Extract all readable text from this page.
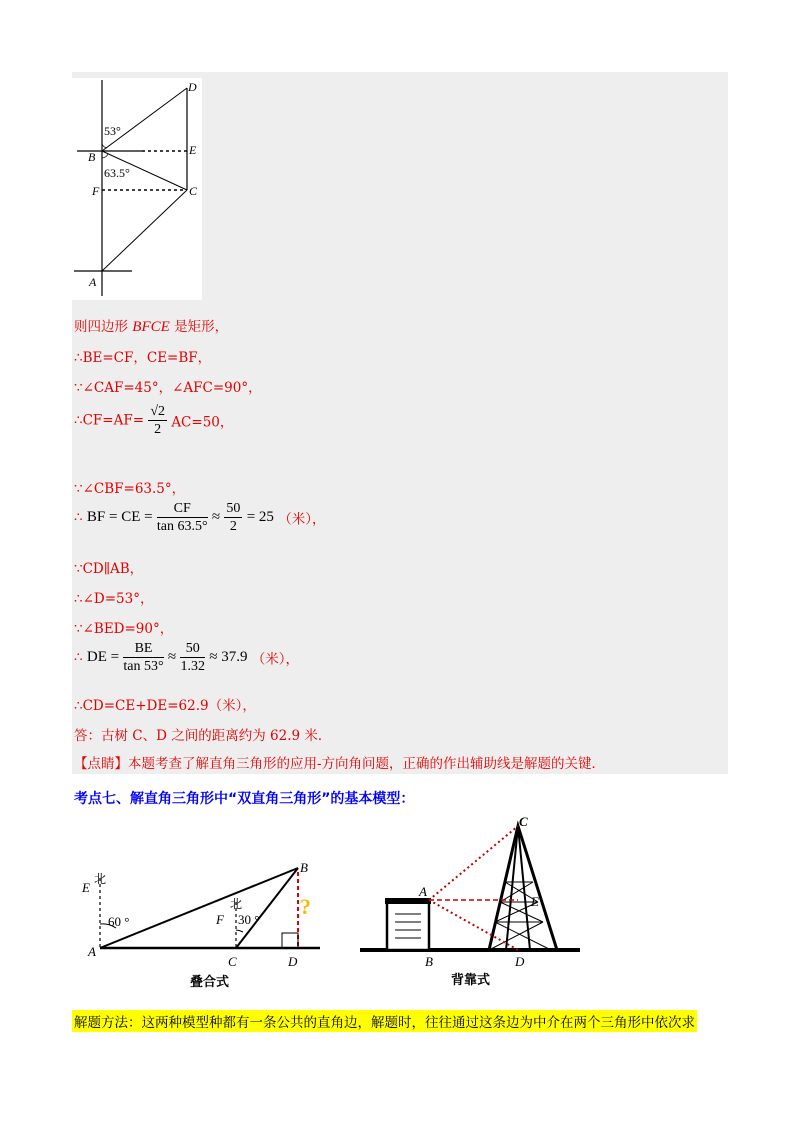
D
E
B
F	C
A
53°
63.5°
则四边形 BFCE 是矩形，
∴BE=CF，CE=BF，
∵∠CAF=45°，∠AFC=90°，
∴CF=AF= $\frac{√2}{2} AC=50$，
∵∠CBF=63.5°，
∴ BF = CE = $\frac{CF}{\tan 63.5^\circ} \approx \frac{50}{2} = 25$ （米），
∵CD∥AB，
∴∠D=53°，
∵∠BED=90°，
∴ DE = $\frac{BE}{\tan 53^\circ} \approx \frac{50}{1.32} \approx 37.9$ （米），
∴CD=CE+DE=62.9（米），
答：古树 C、D 之间的距离约为 62.9 米．
【点睛】本题考查了解直角三角形的应用-方向角问题，正确的作出辅助线是解题的关键．
考点七、解直角三角形中“双直角三角形”的基本模型：
E
北
60 °
A
F
北
30 °
B
C	D
?
叠合式
C
A
E
B	D
背靠式
解题方法：这两种模型种都有一条公共的直角边，解题时，往往通过这条边为中介在两个三角形中依次求
